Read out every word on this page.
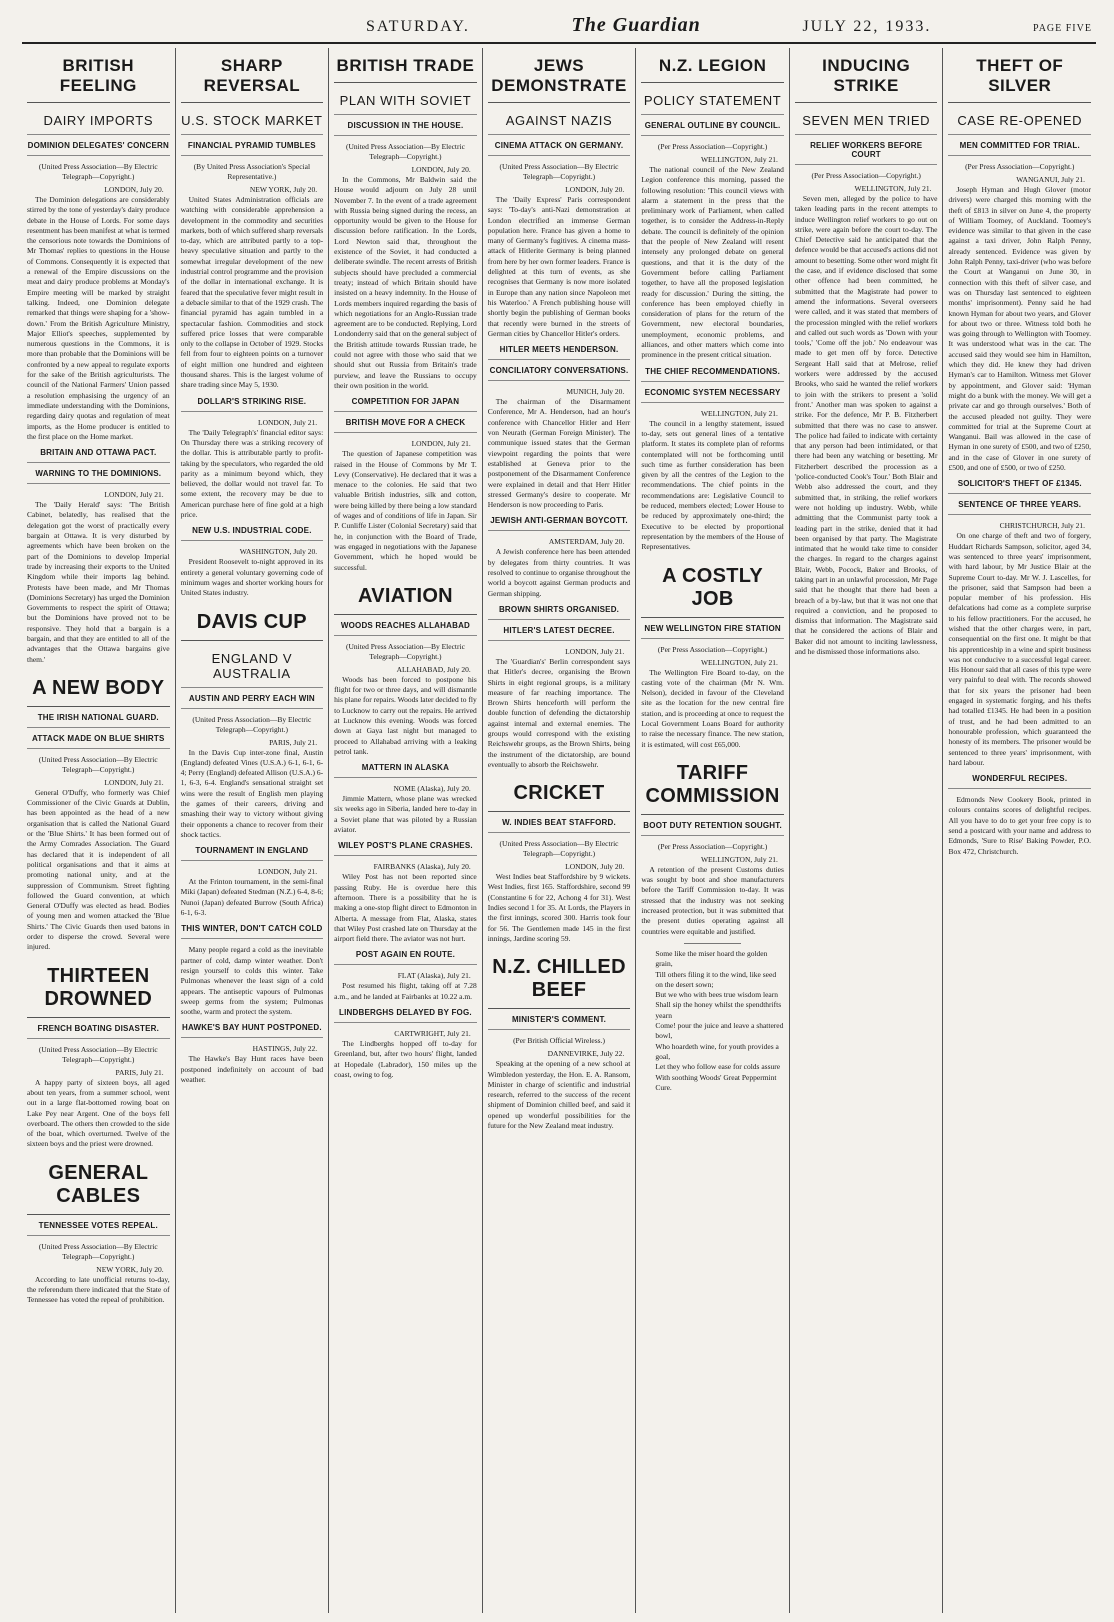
SATURDAY.	The Guardian	JULY 22, 1933.	PAGE FIVE
BRITISH FEELING
DAIRY IMPORTS
DOMINION DELEGATES' CONCERN
(United Press Association—By Electric Telegraph—Copyright.)
LONDON, July 20.

The Dominion delegations are considerably stirred by the tone of yesterday's dairy produce debate in the House of Lords. For some days resentment has been manifest at what is termed the censorious note towards the Dominions of Mr Thomas' replies to questions in the House of Commons. Consequently it is expected that a renewal of the Empire discussions on the meat and dairy produce problems at Monday's Empire meeting will be marked by straight talking. Indeed, one Dominion delegate remarked that things were shaping for a 'show-down.' From the British Agriculture Ministry, Major Elliot's speeches, supplemented by numerous questions in the Commons, it is more than probable that the Dominions will be confronted by a new appeal to regulate exports for the sake of the British agriculturists. The council of the National Farmers' Union passed a resolution emphasising the urgency of an immediate understanding with the Dominions, regarding dairy quotas and regulation of meat imports, as the Home producer is entitled to the first place on the Home market.

BRITAIN AND OTTAWA PACT.
WARNING TO THE DOMINIONS.
LONDON, July 21.

The 'Daily Herald' says: 'The British Cabinet, belatedly, has realised that the delegation got the worst of practically every bargain at Ottawa. It is very disturbed by agreements which have been broken on the part of the Dominions to develop Imperial trade by increasing their exports to the United Kingdom while their imports lag behind. Protests have been made, and Mr Thomas (Dominions Secretary) has urged the Dominion Governments to respect the spirit of Ottawa; but the Dominions have proved not to be responsive. They hold that a bargain is a bargain, and that they are entitled to all of the advantages that the Ottawa bargains give them.'

A NEW BODY
THE IRISH NATIONAL GUARD.
ATTACK MADE ON BLUE SHIRTS
(United Press Association—By Electric Telegraph—Copyright.)
LONDON, July 21.

General O'Duffy, who formerly was Chief Commissioner of the Civic Guards at Dublin, has been appointed as the head of a new organisation that is called the National Guard or the 'Blue Shirts.' It has been formed out of the Army Comrades Association. The Guard has declared that it is independent of all political organisations and that it aims at promoting national unity, and at the suppression of Communism. Street fighting followed the Guard convention, at which General O'Duffy was elected as head. Bodies of young men and women attacked the 'Blue Shirts.' The Civic Guards then used batons in order to disperse the crowd. Several were injured.

THIRTEEN DROWNED
FRENCH BOATING DISASTER.
(United Press Association—By Electric Telegraph—Copyright.)
PARIS, July 21.

A happy party of sixteen boys, all aged about ten years, from a summer school, went out in a large flat-bottomed rowing boat on Lake Pey near Argent. One of the boys fell overboard. The others then crowded to the side of the boat, which overturned. Twelve of the sixteen boys and the priest were drowned.

GENERAL CABLES
TENNESSEE VOTES REPEAL.
(United Press Association—By Electric Telegraph—Copyright.)
NEW YORK, July 20.

According to late unofficial returns to-day, the referendum there indicated that the State of Tennessee has voted the repeal of prohibition.

SHARP REVERSAL
U.S. STOCK MARKET
FINANCIAL PYRAMID TUMBLES
(By United Press Association's Special Representative.)
NEW YORK, July 20.

United States Administration officials are watching with considerable apprehension a development in the commodity and securities markets, both of which suffered sharp reversals to-day, which are attributed partly to a top-heavy speculative situation and partly to the somewhat irregular development of the new industrial control programme and the provision of the dollar in international exchange. It is feared that the speculative fever might result in a debacle similar to that of the 1929 crash. The financial pyramid has again tumbled in a spectacular fashion. Commodities and stock suffered price losses that were comparable only to the collapse in October of 1929. Stocks fell from four to eighteen points on a turnover of eight million one hundred and eighteen thousand shares. This is the largest volume of share trading since May 5, 1930.

DOLLAR'S STRIKING RISE.
LONDON, July 21.

The 'Daily Telegraph's' financial editor says: On Thursday there was a striking recovery of the dollar. This is attributable partly to profit-taking by the speculators, who regarded the old parity as a minimum beyond which, they believed, the dollar would not travel far. To some extent, the recovery may be due to American purchase here of fine gold at a high price.

NEW U.S. INDUSTRIAL CODE.
WASHINGTON, July 20.

President Roosevelt to-night approved in its entirety a general voluntary governing code of minimum wages and shorter working hours for United States industry.

DAVIS CUP
ENGLAND V AUSTRALIA
AUSTIN AND PERRY EACH WIN
(United Press Association—By Electric Telegraph—Copyright.)
PARIS, July 21.

In the Davis Cup inter-zone final, Austin (England) defeated Vines (U.S.A.) 6-1, 6-1, 6-4; Perry (England) defeated Allison (U.S.A.) 6-1, 6-3, 6-4. England's sensational straight set wins were the result of English men playing the games of their careers, driving and smashing their way to victory without giving their opponents a chance to recover from their shock tactics.

TOURNAMENT IN ENGLAND
LONDON, July 21.

At the Frinton tournament, in the semi-final Miki (Japan) defeated Stedman (N.Z.) 6-4, 8-6; Nunoi (Japan) defeated Burrow (South Africa) 6-1, 6-3.

THIS WINTER, DON'T CATCH COLD

Many people regard a cold as the inevitable partner of cold, damp winter weather. Don't resign yourself to colds this winter. Take Pulmonas whenever the least sign of a cold appears. The antiseptic vapours of Pulmonas sweep germs from the system; Pulmonas soothe, warm and protect the system.

HAWKE'S BAY HUNT POSTPONED.
HASTINGS, July 22.

The Hawke's Bay Hunt races have been postponed indefinitely on account of bad weather.

BRITISH TRADE
PLAN WITH SOVIET
DISCUSSION IN THE HOUSE.
(United Press Association—By Electric Telegraph—Copyright.)
LONDON, July 20.

In the Commons, Mr Baldwin said the House would adjourn on July 28 until November 7. In the event of a trade agreement with Russia being signed during the recess, an opportunity would be given to the House for discussion before ratification. In the Lords, Lord Newton said that, throughout the existence of the Soviet, it had conducted a deliberate swindle. The recent arrests of British subjects should have precluded a commercial treaty; instead of which Britain should have insisted on a heavy indemnity. In the House of Lords members inquired regarding the basis of which negotiations for an Anglo-Russian trade agreement are to be conducted. Replying, Lord Londonderry said that on the general subject of the British attitude towards Russian trade, he could not agree with those who said that we should shut out Russia from Britain's trade purview, and leave the Russians to occupy their own position in the world.

COMPETITION FOR JAPAN
BRITISH MOVE FOR A CHECK
LONDON, July 21.

The question of Japanese competition was raised in the House of Commons by Mr T. Levy (Conservative). He declared that it was a menace to the colonies. He said that two valuable British industries, silk and cotton, were being killed by there being a low standard of wages and of conditions of life in Japan. Sir P. Cunliffe Lister (Colonial Secretary) said that he, in conjunction with the Board of Trade, was engaged in negotiations with the Japanese Government, which he hoped would be successful.

AVIATION
WOODS REACHES ALLAHABAD
(United Press Association—By Electric Telegraph—Copyright.)
ALLAHABAD, July 20.

Woods has been forced to postpone his flight for two or three days, and will dismantle his plane for repairs. Woods later decided to fly to Lucknow to carry out the repairs. He arrived at Lucknow this evening. Woods was forced down at Gaya last night but managed to proceed to Allahabad arriving with a leaking petrol tank.

MATTERN IN ALASKA
NOME (Alaska), July 20.

Jimmie Mattern, whose plane was wrecked six weeks ago in Siberia, landed here to-day in a Soviet plane that was piloted by a Russian aviator.

WILEY POST'S PLANE CRASHES.
FAIRBANKS (Alaska), July 20.

Wiley Post has not been reported since passing Ruby. He is overdue here this afternoon. There is a possibility that he is making a one-stop flight direct to Edmonton in Alberta. A message from Flat, Alaska, states that Wiley Post crashed late on Thursday at the airport field there. The aviator was not hurt.

POST AGAIN EN ROUTE.
FLAT (Alaska), July 21.

Post resumed his flight, taking off at 7.28 a.m., and he landed at Fairbanks at 10.22 a.m.

LINDBERGHS DELAYED BY FOG.
CARTWRIGHT, July 21.

The Lindberghs hopped off to-day for Greenland, but, after two hours' flight, landed at Hopedale (Labrador), 150 miles up the coast, owing to fog.

JEWS DEMONSTRATE
AGAINST NAZIS
CINEMA ATTACK ON GERMANY.
(United Press Association—By Electric Telegraph—Copyright.)
LONDON, July 20.

The 'Daily Express' Paris correspondent says: 'To-day's anti-Nazi demonstration at London electrified an immense German population here. France has given a home to many of Germany's fugitives. A cinema mass-attack of Hitlerite Germany is being planned from here by her own former leaders. France is delighted at this turn of events, as she recognises that Germany is now more isolated in Europe than any nation since Napoleon met his Waterloo.' A French publishing house will shortly begin the publishing of German books that recently were burned in the streets of German cities by Chancellor Hitler's orders.

HITLER MEETS HENDERSON.
CONCILIATORY CONVERSATIONS.
MUNICH, July 20.

The chairman of the Disarmament Conference, Mr A. Henderson, had an hour's conference with Chancellor Hitler and Herr von Neurath (German Foreign Minister). The communique issued states that the German viewpoint regarding the points that were established at Geneva prior to the postponement of the Disarmament Conference were explained in detail and that Herr Hitler stressed Germany's desire to cooperate. Mr Henderson is now proceeding to Paris.

JEWISH ANTI-GERMAN BOYCOTT.
AMSTERDAM, July 20.

A Jewish conference here has been attended by delegates from thirty countries. It was resolved to continue to organise throughout the world a boycott against German products and German shipping.

BROWN SHIRTS ORGANISED.
HITLER'S LATEST DECREE.
LONDON, July 21.

The 'Guardian's' Berlin correspondent says that Hitler's decree, organising the Brown Shirts in eight regional groups, is a military measure of far reaching importance. The Brown Shirts henceforth will perform the double function of defending the dictatorship against internal and external enemies. The groups would correspond with the existing Reichswehr groups, as the Brown Shirts, being the instrument of the dictatorship, are bound eventually to absorb the Reichswehr.

CRICKET
W. INDIES BEAT STAFFORD.
(United Press Association—By Electric Telegraph—Copyright.)
LONDON, July 20.

West Indies beat Staffordshire by 9 wickets. West Indies, first 165. Staffordshire, second 99 (Constantine 6 for 22, Achong 4 for 31). West Indies second 1 for 35. At Lords, the Players in the first innings, scored 300. Harris took four for 56. The Gentlemen made 145 in the first innings, Jardine scoring 59.

N.Z. CHILLED BEEF
MINISTER'S COMMENT.
(Per British Official Wireless.)
DANNEVIRKE, July 22.

Speaking at the opening of a new school at Wimbledon yesterday, the Hon. E. A. Ransom, Minister in charge of scientific and industrial research, referred to the success of the recent shipment of Dominion chilled beef, and said it opened up wonderful possibilities for the future for the New Zealand meat industry.

N.Z. LEGION
POLICY STATEMENT
GENERAL OUTLINE BY COUNCIL.
(Per Press Association—Copyright.)
WELLINGTON, July 21.

The national council of the New Zealand Legion conference this morning, passed the following resolution: 'This council views with alarm a statement in the press that the preliminary work of Parliament, when called together, is to consider the Address-in-Reply debate. The council is definitely of the opinion that the people of New Zealand will resent intensely any prolonged debate on general questions, and that it is the duty of the Government before calling Parliament together, to have all the proposed legislation ready for discussion.' During the sitting, the conference has been employed chiefly in consideration of plans for the return of the Government, new electoral boundaries, unemployment, economic problems, and alliances, and other matters which come into prominence in the present critical situation.

THE CHIEF RECOMMENDATIONS.
ECONOMIC SYSTEM NECESSARY
WELLINGTON, July 21.

The council in a lengthy statement, issued to-day, sets out general lines of a tentative platform. It states its complete plan of reforms contemplated will not be forthcoming until such time as further consideration has been given by all the centres of the Legion to the recommendations. The chief points in the recommendations are: Legislative Council to be reduced, members elected; Lower House to be reduced by approximately one-third; the Executive to be elected by proportional representation by the members of the House of Representatives.

A COSTLY JOB
NEW WELLINGTON FIRE STATION
(Per Press Association—Copyright.)
WELLINGTON, July 21.

The Wellington Fire Board to-day, on the casting vote of the chairman (Mr N. Wm. Nelson), decided in favour of the Cleveland site as the location for the new central fire station, and is proceeding at once to request the Local Government Loans Board for authority to raise the necessary finance. The new station, it is estimated, will cost £65,000.

TARIFF COMMISSION
BOOT DUTY RETENTION SOUGHT.
(Per Press Association—Copyright.)
WELLINGTON, July 21.

A retention of the present Customs duties was sought by boot and shoe manufacturers before the Tariff Commission to-day. It was stressed that the industry was not seeking increased protection, but it was submitted that the present duties operating against all countries were equitable and justified.

Some like the miser hoard the golden grain,
Till others filing it to the wind, like seed on the desert sown;
But we who with bees true wisdom learn
Shall sip the honey whilst the spendthrifts yearn
Come! pour the juice and leave a shattered bowl,
Who hoardeth wine, for youth provides a goal,
Let they who follow ease for colds assure
With soothing Woods' Great Peppermint Cure.
INDUCING STRIKE
SEVEN MEN TRIED
RELIEF WORKERS BEFORE COURT
(Per Press Association—Copyright.)
WELLINGTON, July 21.

Seven men, alleged by the police to have taken leading parts in the recent attempts to induce Wellington relief workers to go out on strike, were again before the court to-day. The Chief Detective said he anticipated that the defence would be that accused's actions did not amount to besetting. Some other word might fit the case, and if evidence disclosed that some other offence had been committed, he submitted that the Magistrate had power to amend the informations. Several overseers were called, and it was stated that members of the procession mingled with the relief workers and called out such words as 'Down with your tools,' 'Come off the job.' No endeavour was made to get men off by force. Detective Sergeant Hall said that at Melrose, relief workers were addressed by the accused Brooks, who said he wanted the relief workers to join with the strikers to present a 'solid front.' Another man was spoken to against a strike. For the defence, Mr P. B. Fitzherbert submitted that there was no case to answer. The police had failed to indicate with certainty that any person had been intimidated, or that there had been any watching or besetting. Mr Fitzherbert described the procession as a 'police-conducted Cook's Tour.' Both Blair and Webb also addressed the court, and they submitted that, in striking, the relief workers were not holding up industry. Webb, while admitting that the Communist party took a leading part in the strike, denied that it had been organised by that party. The Magistrate intimated that he would take time to consider the charges. In regard to the charges against Blair, Webb, Pocock, Baker and Brooks, of taking part in an unlawful procession, Mr Page said that he thought that there had been a breach of a by-law, but that it was not one that required a conviction, and he proposed to dismiss that information. The Magistrate said that he considered the actions of Blair and Baker did not amount to inciting lawlessness, and he dismissed those informations also.

THEFT OF SILVER
CASE RE-OPENED
MEN COMMITTED FOR TRIAL.
(Per Press Association—Copyright.)
WANGANUI, July 21.

Joseph Hyman and Hugh Glover (motor drivers) were charged this morning with the theft of £813 in silver on June 4, the property of William Toomey, of Auckland. Toomey's evidence was similar to that given in the case against a taxi driver, John Ralph Penny, already sentenced. Evidence was given by John Ralph Penny, taxi-driver (who was before the Court at Wanganui on June 30, in connection with this theft of silver case, and was on Thursday last sentenced to eighteen months' imprisonment). Penny said he had known Hyman for about two years, and Glover for about two or three. Witness told both he was going through to Wellington with Toomey. It was understood what was in the car. The accused said they would see him in Hamilton, which they did. He knew they had driven Hyman's car to Hamilton. Witness met Glover by appointment, and Glover said: 'Hyman might do a bunk with the money. We will get a private car and go through ourselves.' Both of the accused pleaded not guilty. They were committed for trial at the Supreme Court at Wanganui. Bail was allowed in the case of Hyman in one surety of £500, and two of £250, and in the case of Glover in one surety of £500, and one of £500, or two of £250.

SOLICITOR'S THEFT OF £1345.
SENTENCE OF THREE YEARS.
CHRISTCHURCH, July 21.

On one charge of theft and two of forgery, Huddart Richards Sampson, solicitor, aged 34, was sentenced to three years' imprisonment, with hard labour, by Mr Justice Blair at the Supreme Court to-day. Mr W. J. Lascelles, for the prisoner, said that Sampson had been a popular member of his profession. His defalcations had come as a complete surprise to his fellow practitioners. For the accused, he wished that the other charges were, in part, consequential on the first one. It might be that his apprenticeship in a wine and spirit business was not conducive to a successful legal career. His Honour said that all cases of this type were very painful to deal with. The records showed that for six years the prisoner had been engaged in systematic forging, and his thefts had totalled £1345. He had been in a position of trust, and he had been admitted to an honourable profession, which guaranteed the honesty of its members. The prisoner would be sentenced to three years' imprisonment, with hard labour.

WONDERFUL RECIPES.

Edmonds New Cookery Book, printed in colours contains scores of delightful recipes. All you have to do to get your free copy is to send a postcard with your name and address to Edmonds, 'Sure to Rise' Baking Powder, P.O. Box 472, Christchurch.
